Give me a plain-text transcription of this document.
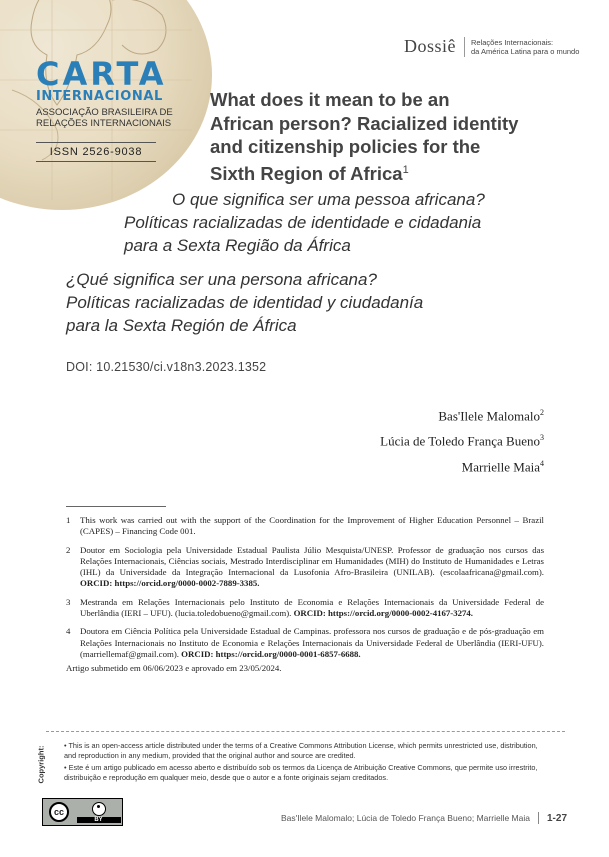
CARTA
INTERNACIONAL
ASSOCIAÇÃO BRASILEIRA DE
RELAÇÕES INTERNACIONAIS
ISSN 2526-9038
Dossiê Relações Internacionais:
da América Latina para o mundo
What does it mean to be an
African person? Racialized identity
and citizenship policies for the
Sixth Region of Africa$^1$
O que significa ser uma pessoa africana?
Políticas racializadas de identidade e cidadania
para a Sexta Região da África
¿Qué significa ser una persona africana?
Políticas racializadas de identidad y ciudadanía
para la Sexta Región de África
DOI: 10.21530/ci.v18n3.2023.1352
Bas'Ilele Malomalo$^2$
Lúcia de Toledo França Bueno$^3$
Marrielle Maia$^4$
1	This work was carried out with the support of the Coordination for the Improvement of Higher Education Personnel – Brazil (CAPES) – Financing Code 001.
2	Doutor em Sociologia pela Universidade Estadual Paulista Júlio Mesquista/UNESP. Professor de graduação nos cursos das Relações Internacionais, Ciências sociais, Mestrado Interdisciplinar em Humanidades (MIH) do Instituto de Humanidades e Letras (IHL) da Universidade da Integração Internacional da Lusofonia Afro-Brasileira (UNILAB). (escolaafricana@gmail.com). ORCID: https://orcid.org/0000-0002-7889-3385.
3	Mestranda em Relações Internacionais pelo Instituto de Economia e Relações Internacionais da Universidade Federal de Uberlândia (IERI – UFU). (lucia.toledobueno@gmail.com). ORCID: https://orcid.org/0000-0002-4167-3274.
4	Doutora em Ciência Política pela Universidade Estadual de Campinas. professora nos cursos de graduação e de pós-graduação em Relações Internacionais no Instituto de Economia e Relações Internacionais da Universidade Federal de Uberlândia (IERI-UFU). (marriellemaf@gmail.com). ORCID: https://orcid.org/0000-0001-6857-6688.
Artigo submetido em 06/06/2023 e aprovado em 23/05/2024.
Copyright:

• This is an open-access article distributed under the terms of a Creative Commons Attribution License, which permits unrestricted use, distribution, and reproduction in any medium, provided that the original author and source are credited.

• Este é um artigo publicado em acesso aberto e distribuído sob os termos da Licença de Atribuição Creative Commons, que permite uso irrestrito, distribuição e reprodução em qualquer meio, desde que o autor e a fonte originais sejam creditados.

cc
BY	Bas'Ilele Malomalo; Lúcia de Toledo França Bueno; Marrielle Maia 1-27
